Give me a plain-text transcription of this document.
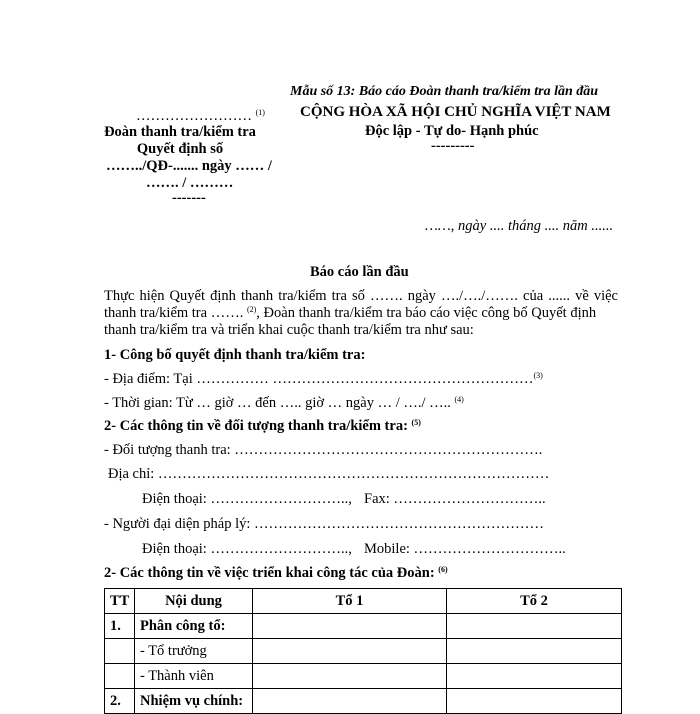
Mẫu số 13: Báo cáo Đoàn thanh tra/kiểm tra lần đầu
…………………… $^{(1)}$
Đoàn thanh tra/kiểm tra
Quyết định số
……../QĐ-....... ngày …… /
……. / ………
-------
CỘNG HÒA XÃ HỘI CHỦ NGHĨA VIỆT NAM
Độc lập - Tự do- Hạnh phúc
---------
……, ngày .... tháng .... năm ......
Báo cáo lần đầu
Thực hiện Quyết định thanh tra/kiểm tra số ……. ngày …./…./……. của ...... về việc
thanh tra/kiểm tra ……. $^{(2)}$, Đoàn thanh tra/kiểm tra báo cáo việc công bố Quyết định
thanh tra/kiểm tra và triển khai cuộc thanh tra/kiểm tra như sau:
1- Công bố quyết định thanh tra/kiểm tra:
- Địa điểm: Tại …………… ………………………………………………$^{(3)}$
- Thời gian: Từ … giờ … đến ….. giờ … ngày … / …./ ….. $^{(4)}$
2- Các thông tin về đối tượng thanh tra/kiểm tra: $^{(5)}$
- Đối tượng thanh tra: ……………………………………………………….
Địa chỉ: ………………………………………………………………………
Điện thoại: ……………………….., Fax: …………………………..
- Người đại diện pháp lý: ……………………………………………………
Điện thoại: ……………………….., Mobile: …………………………..
2- Các thông tin về việc triển khai công tác của Đoàn: $^{(6)}$
TT	Nội dung	Tổ 1	Tổ 2
1.	Phân công tổ:		
	- Tổ trưởng		
	- Thành viên		
2.	Nhiệm vụ chính:		
